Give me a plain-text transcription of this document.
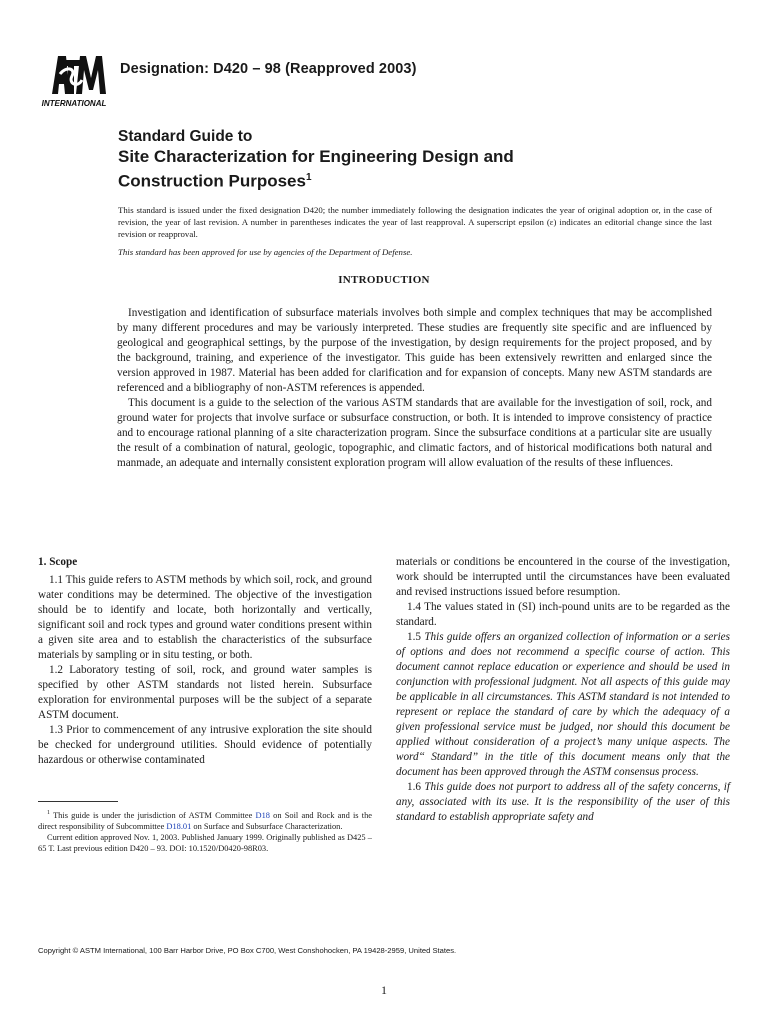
INTERNATIONAL
Designation: D420 – 98 (Reapproved 2003)
Standard Guide to
Site Characterization for Engineering Design and
Construction Purposes$^1$
This standard is issued under the fixed designation D420; the number immediately following the designation indicates the year of original adoption or, in the case of revision, the year of last revision. A number in parentheses indicates the year of last reapproval. A superscript epsilon (ε) indicates an editorial change since the last revision or reapproval.
This standard has been approved for use by agencies of the Department of Defense.
INTRODUCTION

Investigation and identification of subsurface materials involves both simple and complex techniques that may be accomplished by many different procedures and may be variously interpreted. These studies are frequently site specific and are influenced by geological and geographical settings, by the purpose of the investigation, by design requirements for the project proposed, and by the background, training, and experience of the investigator. This guide has been extensively rewritten and enlarged since the version approved in 1987. Material has been added for clarification and for expansion of concepts. Many new ASTM standards are referenced and a bibliography of non-ASTM references is appended.

This document is a guide to the selection of the various ASTM standards that are available for the investigation of soil, rock, and ground water for projects that involve surface or subsurface construction, or both. It is intended to improve consistency of practice and to encourage rational planning of a site characterization program. Since the subsurface conditions at a particular site are usually the result of a combination of natural, geologic, topographic, and climatic factors, and of historical modifications both natural and manmade, an adequate and internally consistent exploration program will allow evaluation of the results of these influences.

1. Scope

1.1 This guide refers to ASTM methods by which soil, rock, and ground water conditions may be determined. The objective of the investigation should be to identify and locate, both horizontally and vertically, significant soil and rock types and ground water conditions present within a given site area and to establish the characteristics of the subsurface materials by sampling or in situ testing, or both.

1.2 Laboratory testing of soil, rock, and ground water samples is specified by other ASTM standards not listed herein. Subsurface exploration for environmental purposes will be the subject of a separate ASTM document.

1.3 Prior to commencement of any intrusive exploration the site should be checked for underground utilities. Should evidence of potentially hazardous or otherwise contaminated

materials or conditions be encountered in the course of the investigation, work should be interrupted until the circumstances have been evaluated and revised instructions issued before resumption.

1.4 The values stated in (SI) inch-pound units are to be regarded as the standard.

1.5 This guide offers an organized collection of information or a series of options and does not recommend a specific course of action. This document cannot replace education or experience and should be used in conjunction with professional judgment. Not all aspects of this guide may be applicable in all circumstances. This ASTM standard is not intended to represent or replace the standard of care by which the adequacy of a given professional service must be judged, nor should this document be applied without consideration of a project’s many unique aspects. The word“ Standard” in the title of this document means only that the document has been approved through the ASTM consensus process.

1.6 This guide does not purport to address all of the safety concerns, if any, associated with its use. It is the responsibility of the user of this standard to establish appropriate safety and

$^1$ This guide is under the jurisdiction of ASTM Committee D18 on Soil and Rock and is the direct responsibility of Subcommittee D18.01 on Surface and Subsurface Characterization.

Current edition approved Nov. 1, 2003. Published January 1999. Originally published as D425 – 65 T. Last previous edition D420 – 93. DOI: 10.1520/D0420-98R03.

Copyright © ASTM International, 100 Barr Harbor Drive, PO Box C700, West Conshohocken, PA 19428-2959, United States.
1
